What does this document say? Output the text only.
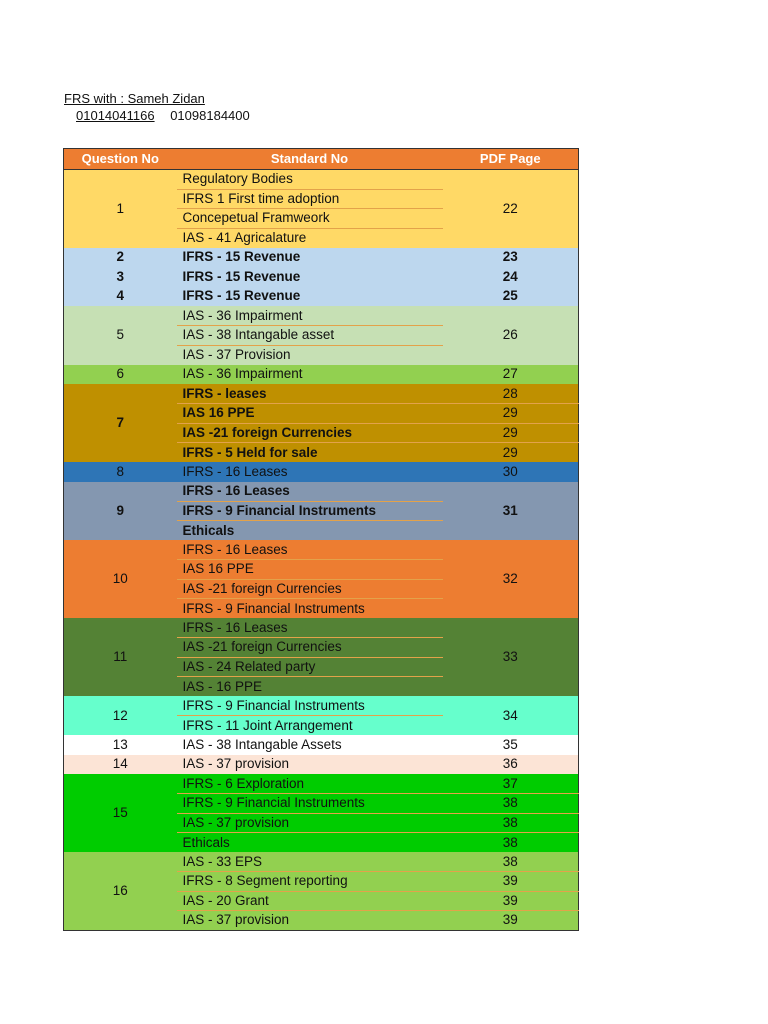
FRS with : Sameh Zidan
01014041166 01098184400
Question No	Standard No	PDF Page
1	Regulatory Bodies	22
	IFRS 1 First time adoption	
	Concepetual Framweork	
	IAS - 41 Agricalature	
2	IFRS - 15 Revenue	23
3	IFRS - 15 Revenue	24
4	IFRS - 15 Revenue	25
5	IAS - 36 Impairment	26
	IAS - 38 Intangable asset	
	IAS - 37 Provision	
6	IAS - 36 Impairment	27
7	IFRS - leases	28
	IAS 16 PPE	29
	IAS -21 foreign Currencies	29
	IFRS - 5 Held for sale	29
8	IFRS - 16 Leases	30
9	IFRS - 16 Leases	31
	IFRS - 9 Financial Instruments	
	Ethicals	
10	IFRS - 16 Leases	32
	IAS 16 PPE	
	IAS -21 foreign Currencies	
	IFRS - 9 Financial Instruments	
11	IFRS - 16 Leases	33
	IAS -21 foreign Currencies	
	IAS - 24 Related party	
	IAS - 16 PPE	
12	IFRS - 9 Financial Instruments	34
	IFRS - 11 Joint Arrangement	
13	IAS - 38 Intangable Assets	35
14	IAS - 37 provision	36
15	IFRS - 6 Exploration	37
	IFRS - 9 Financial Instruments	38
	IAS - 37 provision	38
	Ethicals	38
16	IAS - 33 EPS	38
	IFRS - 8 Segment reporting	39
	IAS - 20 Grant	39
	IAS - 37 provision	39
